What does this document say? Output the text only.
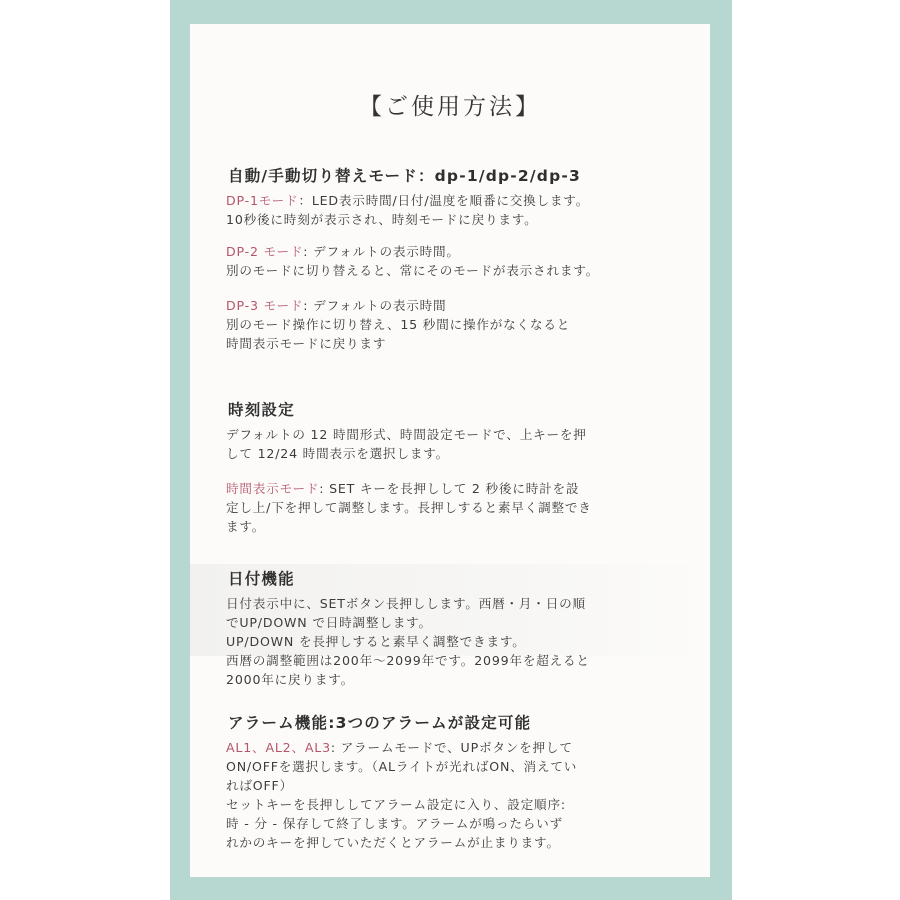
【ご使用方法】
自動/手動切り替えモード：dp-1/dp-2/dp-3
DP-1モード：LED表示時間/日付/温度を順番に交換します。
10秒後に時刻が表示され、時刻モードに戻ります。
DP-2 モード: デフォルトの表示時間。
別のモードに切り替えると、常にそのモードが表示されます。
DP-3 モード: デフォルトの表示時間
別のモード操作に切り替え、15 秒間に操作がなくなると
時間表示モードに戻ります
時刻設定
デフォルトの 12 時間形式、時間設定モードで、上キーを押
して 12/24 時間表示を選択します。
時間表示モード: SET キーを長押しして 2 秒後に時計を設
定し上/下を押して調整します。長押しすると素早く調整でき
ます。
日付機能
日付表示中に、SETボタン長押しします。西暦・月・日の順
でUP/DOWN で日時調整します。
UP/DOWN を長押しすると素早く調整できます。
西暦の調整範囲は200年～2099年です。2099年を超えると
2000年に戻ります。
アラーム機能:3つのアラームが設定可能
AL1、AL2、AL3: アラームモードで、UPボタンを押して
ON/OFFを選択します。（ALライトが光ればON、消えてい
ればOFF）
セットキーを長押ししてアラーム設定に入り、設定順序:
時 - 分 - 保存して終了します。アラームが鳴ったらいず
れかのキーを押していただくとアラームが止まります。
